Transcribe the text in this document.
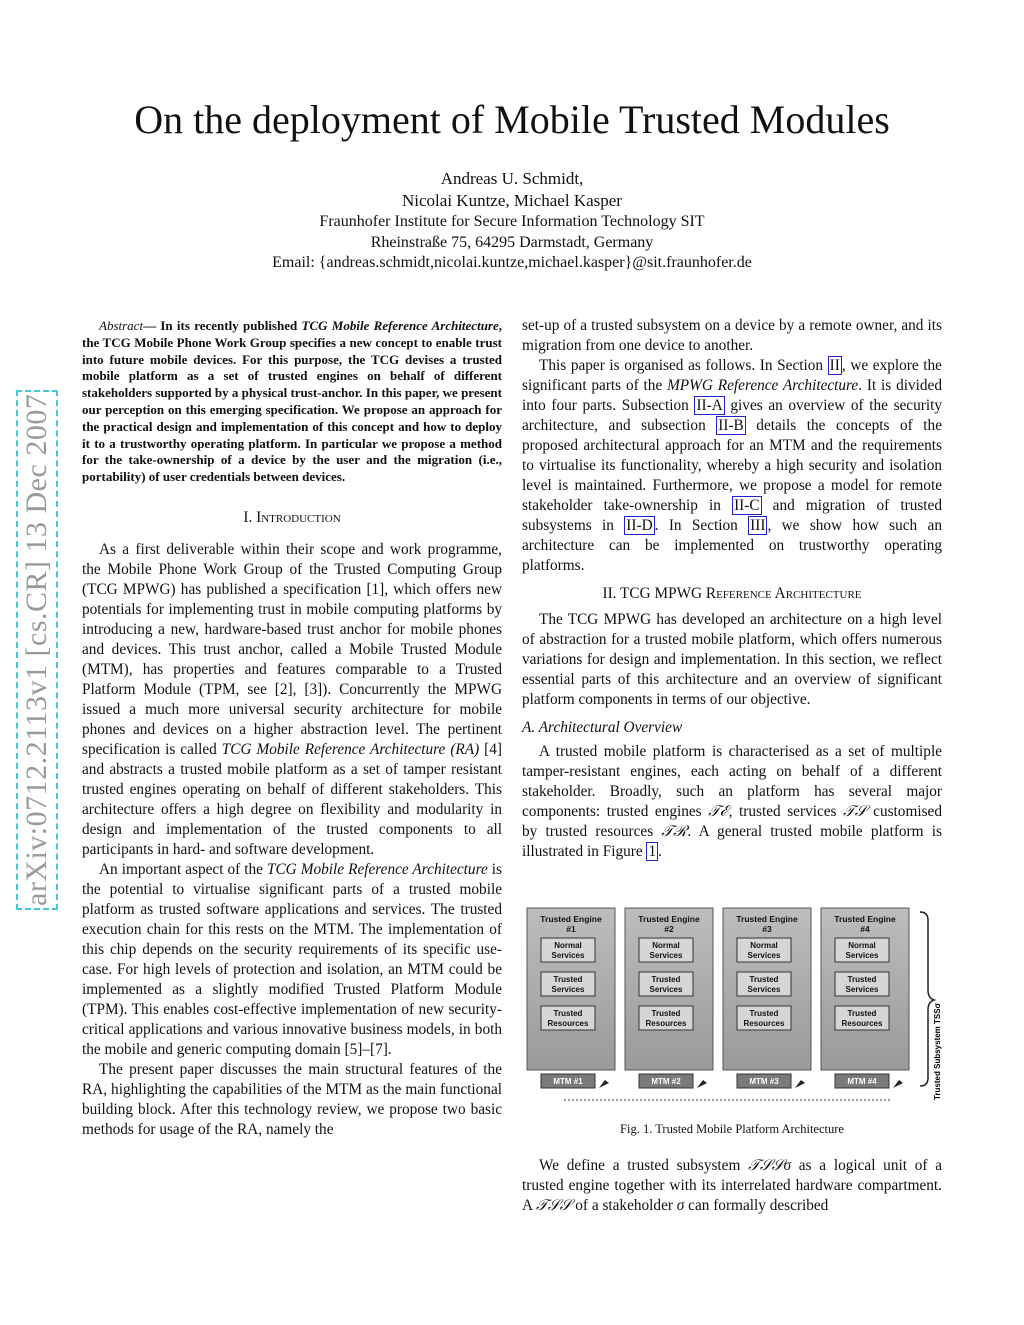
On the deployment of Mobile Trusted Modules
Andreas U. Schmidt,
Nicolai Kuntze, Michael Kasper
Fraunhofer Institute for Secure Information Technology SIT
Rheinstraße 75, 64295 Darmstadt, Germany
Email: {andreas.schmidt,nicolai.kuntze,michael.kasper}@sit.fraunhofer.de
arXiv:0712.2113v1 [cs.CR] 13 Dec 2007

Abstract— In its recently published TCG Mobile Reference Architecture, the TCG Mobile Phone Work Group specifies a new concept to enable trust into future mobile devices. For this purpose, the TCG devises a trusted mobile platform as a set of trusted engines on behalf of different stakeholders supported by a physical trust-anchor. In this paper, we present our perception on this emerging specification. We propose an approach for the practical design and implementation of this concept and how to deploy it to a trustworthy operating platform. In particular we propose a method for the take-ownership of a device by the user and the migration (i.e., portability) of user credentials between devices.

I. Introduction

As a first deliverable within their scope and work programme, the Mobile Phone Work Group of the Trusted Computing Group (TCG MPWG) has published a specification [1], which offers new potentials for implementing trust in mobile computing platforms by introducing a new, hardware-based trust anchor for mobile phones and devices. This trust anchor, called a Mobile Trusted Module (MTM), has properties and features comparable to a Trusted Platform Module (TPM, see [2], [3]). Concurrently the MPWG issued a much more universal security architecture for mobile phones and devices on a higher abstraction level. The pertinent specification is called TCG Mobile Reference Architecture (RA) [4] and abstracts a trusted mobile platform as a set of tamper resistant trusted engines operating on behalf of different stakeholders. This architecture offers a high degree on flexibility and modularity in design and implementation of the trusted components to all participants in hard- and software development.

An important aspect of the TCG Mobile Reference Architecture is the potential to virtualise significant parts of a trusted mobile platform as trusted software applications and services. The trusted execution chain for this rests on the MTM. The implementation of this chip depends on the security requirements of its specific use-case. For high levels of protection and isolation, an MTM could be implemented as a slightly modified Trusted Platform Module (TPM). This enables cost-effective implementation of new security-critical applications and various innovative business models, in both the mobile and generic computing domain [5]–[7].

The present paper discusses the main structural features of the RA, highlighting the capabilities of the MTM as the main functional building block. After this technology review, we propose two basic methods for usage of the RA, namely the

set-up of a trusted subsystem on a device by a remote owner, and its migration from one device to another.

This paper is organised as follows. In Section II , we explore the significant parts of the MPWG Reference Architecture. It is divided into four parts. Subsection II-A gives an overview of the security architecture, and subsection II-B details the concepts of the proposed architectural approach for an MTM and the requirements to virtualise its functionality, whereby a high security and isolation level is maintained. Furthermore, we propose a model for remote stakeholder take-ownership in II-C and migration of trusted subsystems in II-D . In Section III , we show how such an architecture can be implemented on trustworthy operating platforms.

II. TCG MPWG Reference Architecture

The TCG MPWG has developed an architecture on a high level of abstraction for a trusted mobile platform, which offers numerous variations for design and implementation. In this section, we reflect essential parts of this architecture and an overview of significant platform components in terms of our objective.

A. Architectural Overview

A trusted mobile platform is characterised as a set of multiple tamper-resistant engines, each acting on behalf of a different stakeholder. Broadly, such an platform has several major components: trusted engines 𝒯ℰ, trusted services 𝒯𝒮 customised by trusted resources 𝒯ℛ. A general trusted mobile platform is illustrated in Figure 1 .

Trusted Engine
#1
Normal
Services
Trusted
Services
Trusted
Resources
MTM #1
Trusted Engine
#2
Normal
Services
Trusted
Services
Trusted
Resources
MTM #2
Trusted Engine
#3
Normal
Services
Trusted
Services
Trusted
Resources
MTM #3
Trusted Engine
#4
Normal
Services
Trusted
Services
Trusted
Resources
MTM #4	Trusted Subsystem TSSσ
Fig. 1. Trusted Mobile Platform Architecture

We define a trusted subsystem 𝒯𝒮𝒮σ as a logical unit of a trusted engine together with its interrelated hardware compartment. A 𝒯𝒮𝒮 of a stakeholder σ can formally described
